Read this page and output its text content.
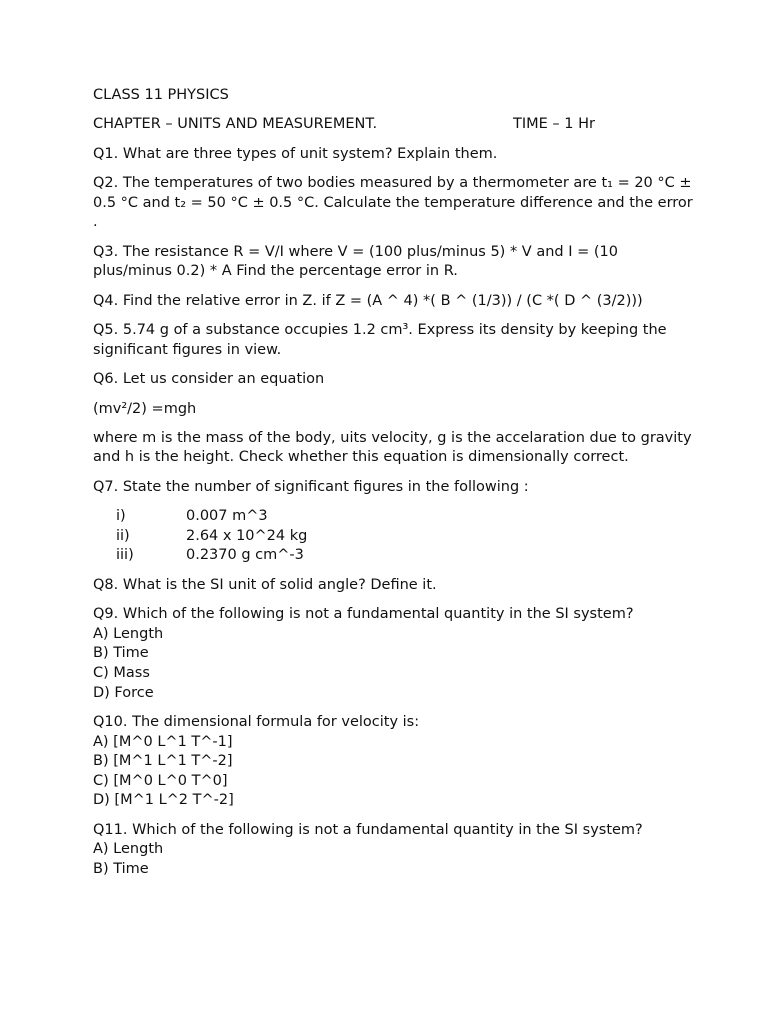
CLASS 11 PHYSICS

CHAPTER – UNITS AND MEASUREMENT.	TIME – 1 Hr

Q1. What are three types of unit system? Explain them.

Q2. The temperatures of two bodies measured by a thermometer are t₁ = 20 °C ± 0.5 °C and t₂ = 50 °C ± 0.5 °C. Calculate the temperature difference and the error .

Q3. The resistance R = V/I where V = (100 plus/minus 5) * V and I = (10 plus/minus 0.2) * A Find the percentage error in R.

Q4. Find the relative error in Z. if Z = (A ^ 4) *( B ^ (1/3)) / (C *( D ^ (3/2)))

Q5. 5.74 g of a substance occupies 1.2 cm³. Express its density by keeping the significant figures in view.

Q6. Let us consider an equation

(mv²/2) =mgh

where m is the mass of the body, uits velocity, g is the accelaration due to gravity and h is the height. Check whether this equation is dimensionally correct.

Q7. State the number of significant figures in the following :

i)	0.007 m^3
ii)	2.64 x 10^24 kg
iii)	0.2370 g cm^-3

Q8. What is the SI unit of solid angle? Define it.

Q9. Which of the following is not a fundamental quantity in the SI system?
A) Length
B) Time
C) Mass
D) Force
Q10. The dimensional formula for velocity is:
A) [M^0 L^1 T^-1]
B) [M^1 L^1 T^-2]
C) [M^0 L^0 T^0]
D) [M^1 L^2 T^-2]
Q11. Which of the following is not a fundamental quantity in the SI system?
A) Length
B) Time
